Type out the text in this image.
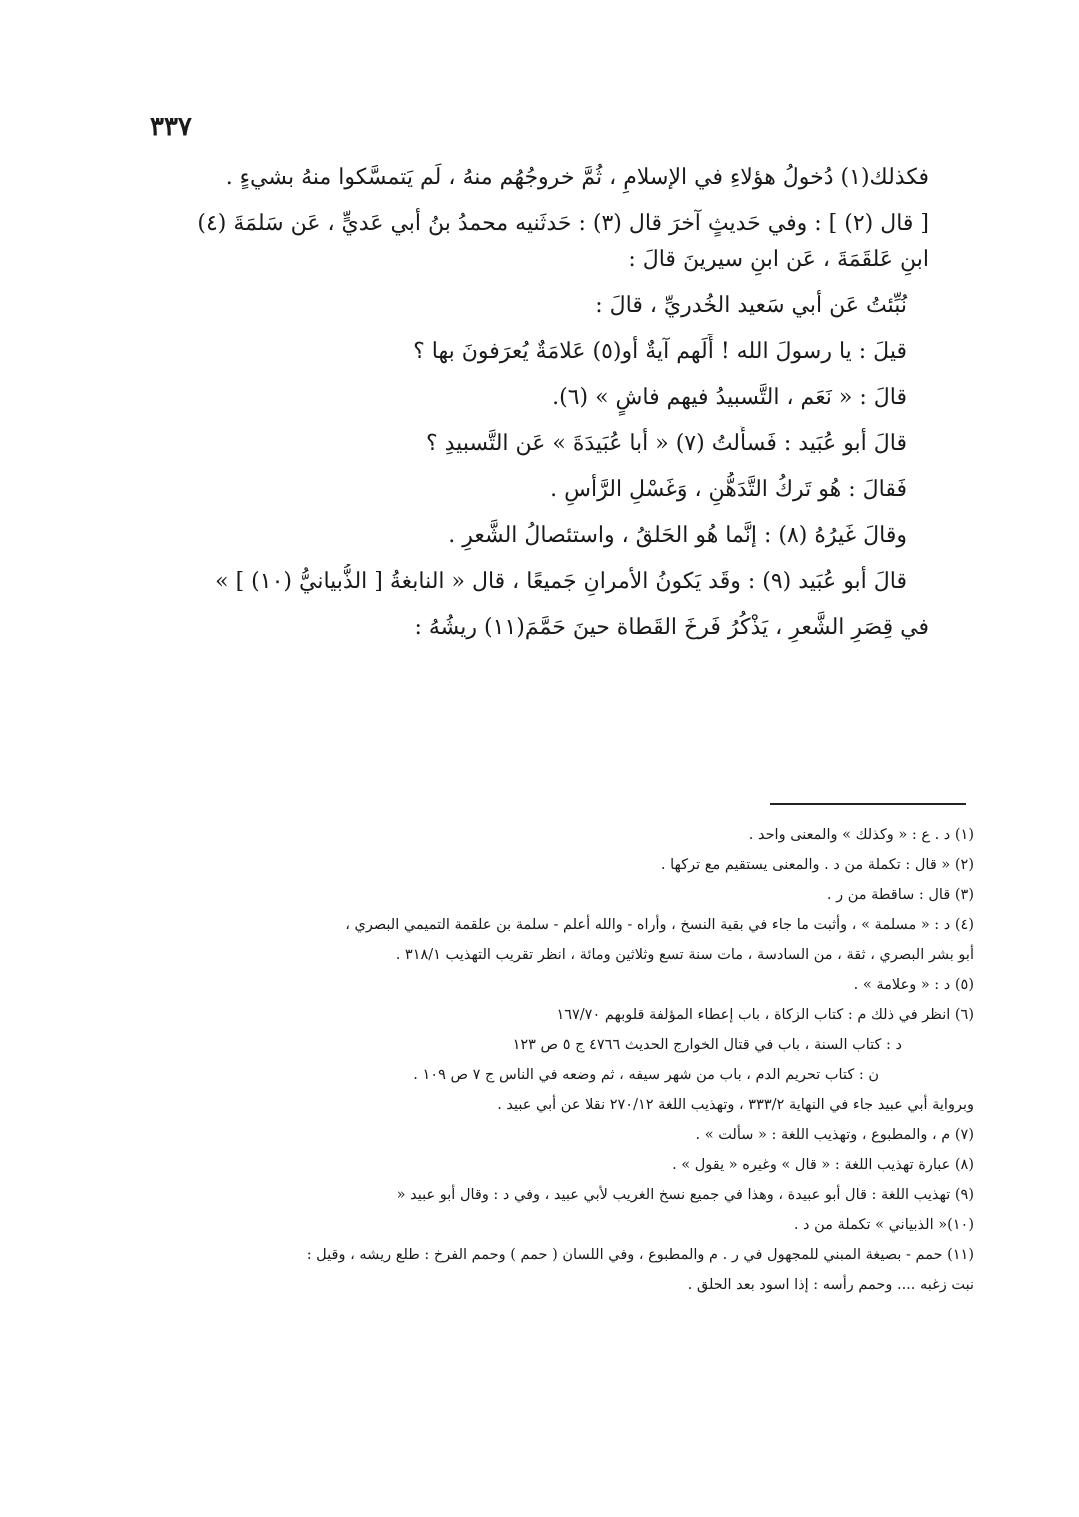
٣٣٧
فكذلك(١) دُخولُ هؤلاءِ في الإسلامِ ، ثُمَّ خروجُهُم منهُ ، لَم يَتمسَّكوا منهُ بشيءٍ .
[ قال (٢) ] : وفي حَديثٍ آخرَ قال (٣) : حَدثَنيه محمدُ بنُ أبي عَديٍّ ، عَن سَلمَةَ (٤)
ابنِ عَلقَمَةَ ، عَن ابنِ سيرينَ قالَ :
نُبِّئتُ عَن أبي سَعيد الخُدريِّ ، قالَ :
قيلَ : يا رسولَ الله ! أَلَهم آيةٌ أو(٥) عَلامَةٌ يُعرَفونَ بها ؟
قالَ : « نَعَم ، التَّسبيدُ فيهم فاشٍ » (٦).
قالَ أبو عُبَيد : فَسأَلتُ (٧) « أبا عُبَيدَةَ » عَن التَّسبيدِ ؟
فَقالَ : هُو تَركُ التَّدَهُّنِ ، وَغَسْلِ الرَّأسِ .
وقالَ غَيرُهُ (٨) : إنَّما هُو الحَلقُ ، واستئصالُ الشَّعرِ .
قالَ أبو عُبَيد (٩) : وقَد يَكونُ الأمرانِ جَميعًا ، قال « النابغةُ [ الذُّبيانيُّ (١٠) ] »
في قِصَرِ الشَّعرِ ، يَذْكُرُ فَرخَ القَطاة حينَ حَمَّمَ(١١) ريشُهُ :
(١) د . ع : « وكذلك » والمعنى واحد .
(٢) « قال : تكملة من د . والمعنى يستقيم مع تركها .
(٣) قال : ساقطة من ر .
(٤) د : « مسلمة » ، وأثبت ما جاء في بقية النسخ ، وأراه - والله أعلم - سلمة بن علقمة التميمي البصري ،
أبو بشر البصري ، ثقة ، من السادسة ، مات سنة تسع وثلاثين ومائة ، انظر تقريب التهذيب ٣١٨/١ .
(٥) د : « وعلامة » .
(٦) انظر في ذلك م : كتاب الزكاة ، باب إعطاء المؤلفة قلوبهم ١٦٧/٧٠
د : كتاب السنة ، باب في قتال الخوارج الحديث ٤٧٦٦ ج ٥ ص ١٢٣
ن : كتاب تحريم الدم ، باب من شهر سيفه ، ثم وضعه في الناس ج ٧ ص ١٠٩ .
وبرواية أبي عبيد جاء في النهاية ٣٣٣/٢ ، وتهذيب اللغة ٢٧٠/١٢ نقلا عن أبي عبيد .
(٧) م ، والمطبوع ، وتهذيب اللغة : « سألت » .
(٨) عبارة تهذيب اللغة : « قال » وغيره « يقول » .
(٩) تهذيب اللغة : قال أبو عبيدة ، وهذا في جميع نسخ الغريب لأبي عبيد ، وفي د : وقال أبو عبيد «
(١٠)« الذبياني » تكملة من د .
(١١) حمم - بصيغة المبني للمجهول في ر . م والمطبوع ، وفي اللسان ( حمم ) وحمم الفرخ : طلع ريشه ، وقيل :
نبت زغبه .... وحمم رأسه : إذا اسود بعد الحلق .
